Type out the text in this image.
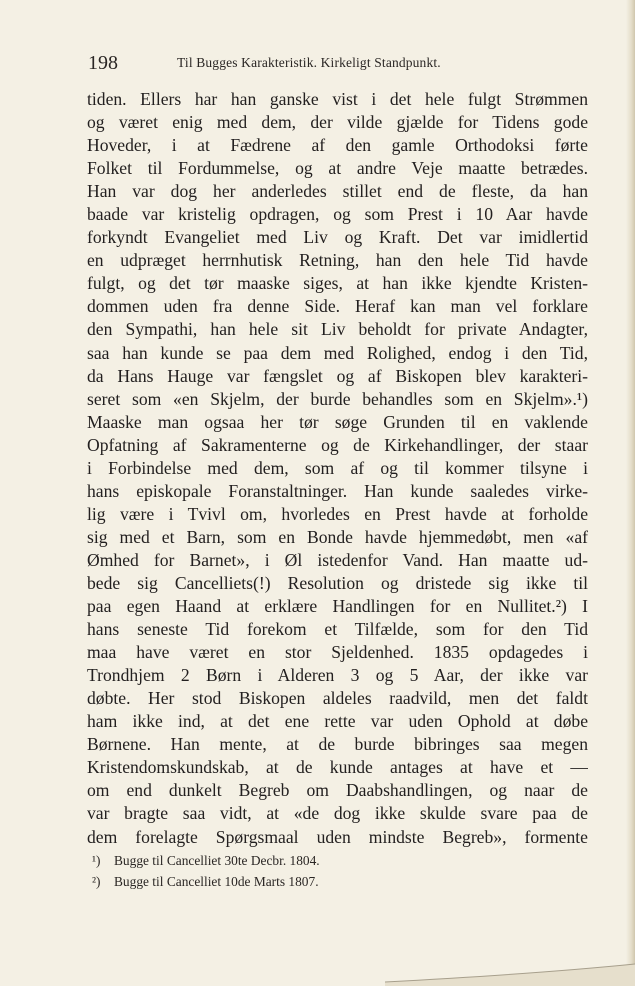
198	Til Bugges Karakteristik. Kirkeligt Standpunkt.
tiden. Ellers har han ganske vist i det hele fulgt Strømmen
og været enig med dem, der vilde gjælde for Tidens gode
Hoveder, i at Fædrene af den gamle Orthodoksi førte
Folket til Fordummelse, og at andre Veje maatte betrædes.
Han var dog her anderledes stillet end de fleste, da han
baade var kristelig opdragen, og som Prest i 10 Aar havde
forkyndt Evangeliet med Liv og Kraft. Det var imidlertid
en udpræget herrnhutisk Retning, han den hele Tid havde
fulgt, og det tør maaske siges, at han ikke kjendte Kristen-
dommen uden fra denne Side. Heraf kan man vel forklare
den Sympathi, han hele sit Liv beholdt for private Andagter,
saa han kunde se paa dem med Rolighed, endog i den Tid,
da Hans Hauge var fængslet og af Biskopen blev karakteri-
seret som «en Skjelm, der burde behandles som en Skjelm».¹)
Maaske man ogsaa her tør søge Grunden til en vaklende
Opfatning af Sakramenterne og de Kirkehandlinger, der staar
i Forbindelse med dem, som af og til kommer tilsyne i
hans episkopale Foranstaltninger. Han kunde saaledes virke-
lig være i Tvivl om, hvorledes en Prest havde at forholde
sig med et Barn, som en Bonde havde hjemmedøbt, men «af
Ømhed for Barnet», i Øl istedenfor Vand. Han maatte ud-
bede sig Cancelliets(!) Resolution og dristede sig ikke til
paa egen Haand at erklære Handlingen for en Nullitet.²) I
hans seneste Tid forekom et Tilfælde, som for den Tid
maa have været en stor Sjeldenhed. 1835 opdagedes i
Trondhjem 2 Børn i Alderen 3 og 5 Aar, der ikke var
døbte. Her stod Biskopen aldeles raadvild, men det faldt
ham ikke ind, at det ene rette var uden Ophold at døbe
Børnene. Han mente, at de burde bibringes saa megen
Kristendomskundskab, at de kunde antages at have et —
om end dunkelt Begreb om Daabshandlingen, og naar de
var bragte saa vidt, at «de dog ikke skulde svare paa de
dem forelagte Spørgsmaal uden mindste Begreb», formente
¹) Bugge til Cancelliet 30te Decbr. 1804.
²) Bugge til Cancelliet 10de Marts 1807.
